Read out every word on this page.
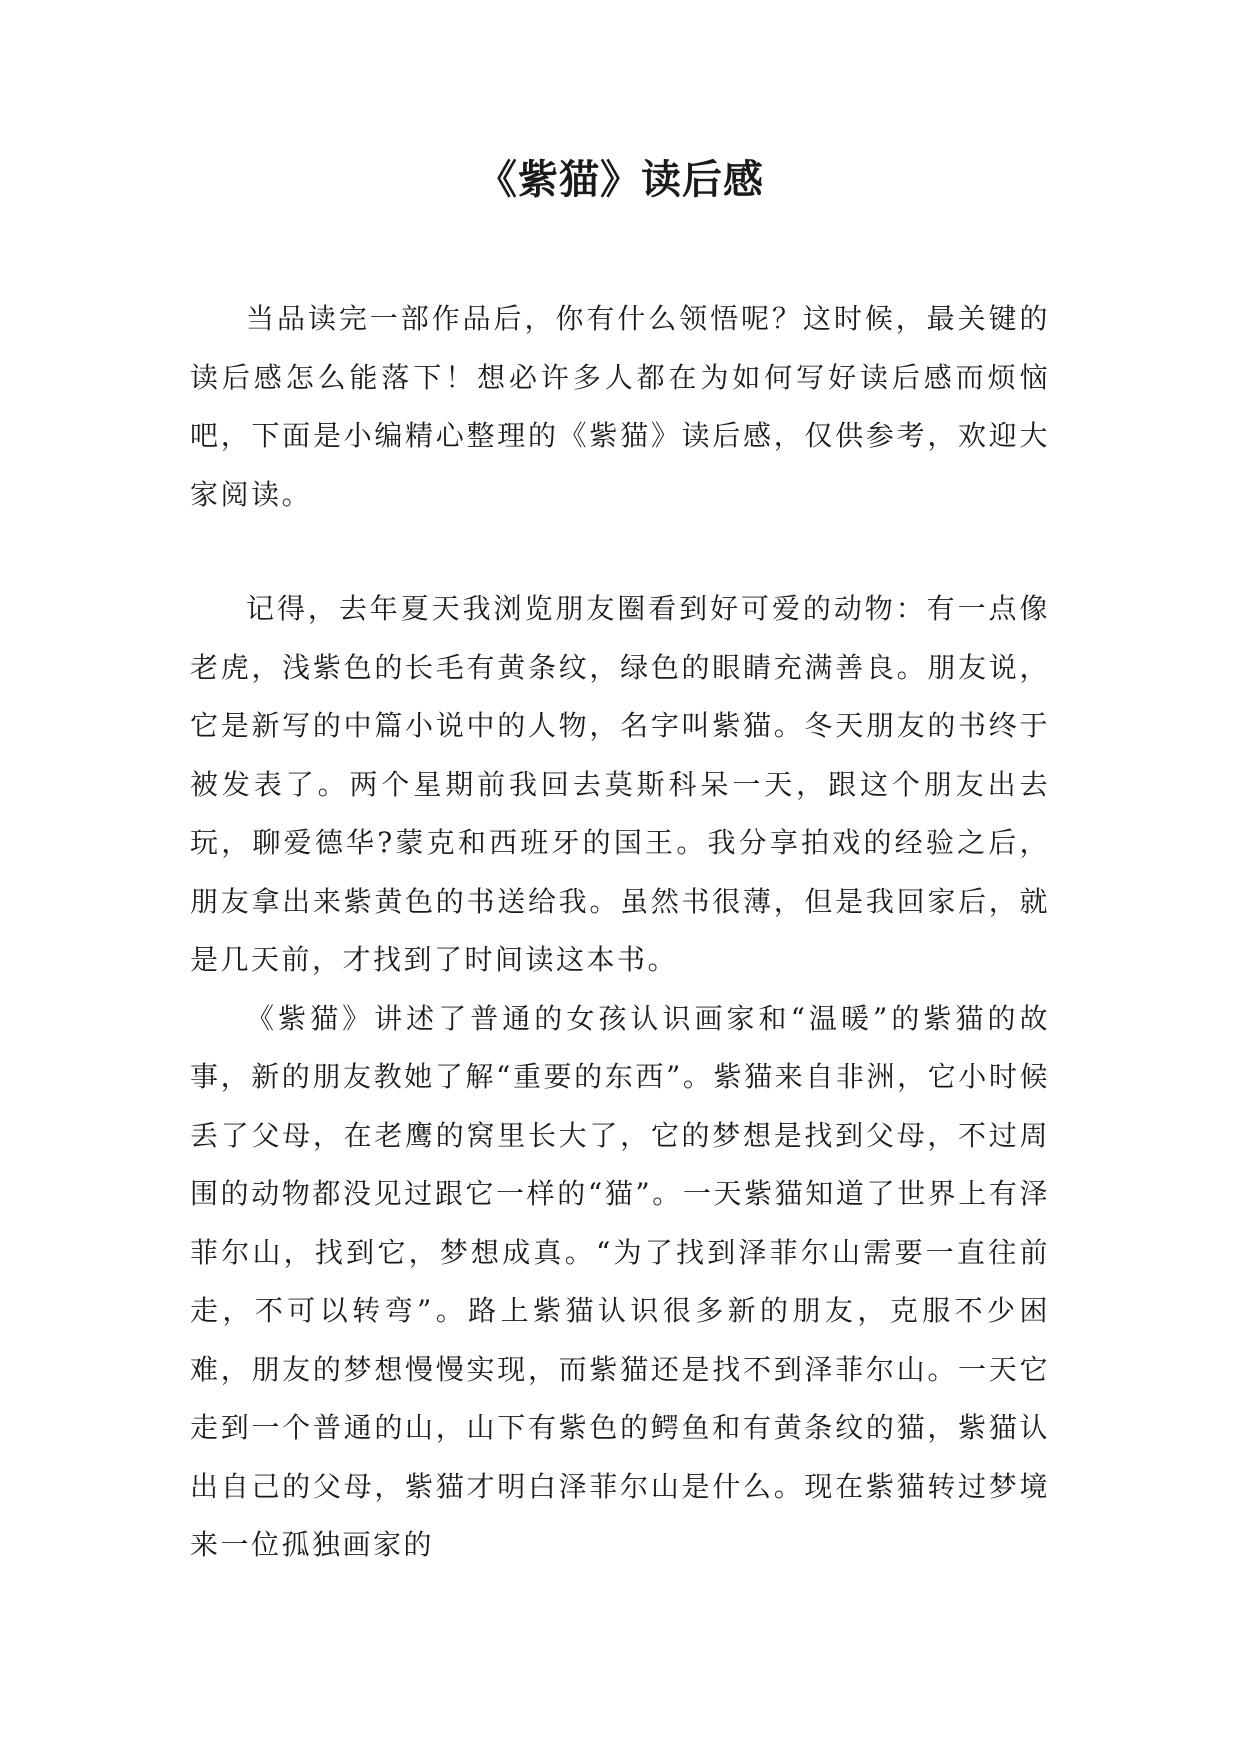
《紫猫》读后感

当品读完一部作品后，你有什么领悟呢？这时候，最关键的读后感怎么能落下！想必许多人都在为如何写好读后感而烦恼吧，下面是小编精心整理的《紫猫》读后感，仅供参考，欢迎大家阅读。

记得，去年夏天我浏览朋友圈看到好可爱的动物：有一点像老虎，浅紫色的长毛有黄条纹，绿色的眼睛充满善良。朋友说，它是新写的中篇小说中的人物，名字叫紫猫。冬天朋友的书终于被发表了。两个星期前我回去莫斯科呆一天，跟这个朋友出去玩，聊爱德华?蒙克和西班牙的国王。我分享拍戏的经验之后，朋友拿出来紫黄色的书送给我。虽然书很薄，但是我回家后，就是几天前，才找到了时间读这本书。

《紫猫》讲述了普通的女孩认识画家和“温暖”的紫猫的故事，新的朋友教她了解“重要的东西”。紫猫来自非洲，它小时候丢了父母，在老鹰的窝里长大了，它的梦想是找到父母，不过周围的动物都没见过跟它一样的“猫”。一天紫猫知道了世界上有泽菲尔山，找到它，梦想成真。“为了找到泽菲尔山需要一直往前走，不可以转弯”。路上紫猫认识很多新的朋友，克服不少困难，朋友的梦想慢慢实现，而紫猫还是找不到泽菲尔山。一天它走到一个普通的山，山下有紫色的鳄鱼和有黄条纹的猫，紫猫认出自己的父母，紫猫才明白泽菲尔山是什么。现在紫猫转过梦境来一位孤独画家的
